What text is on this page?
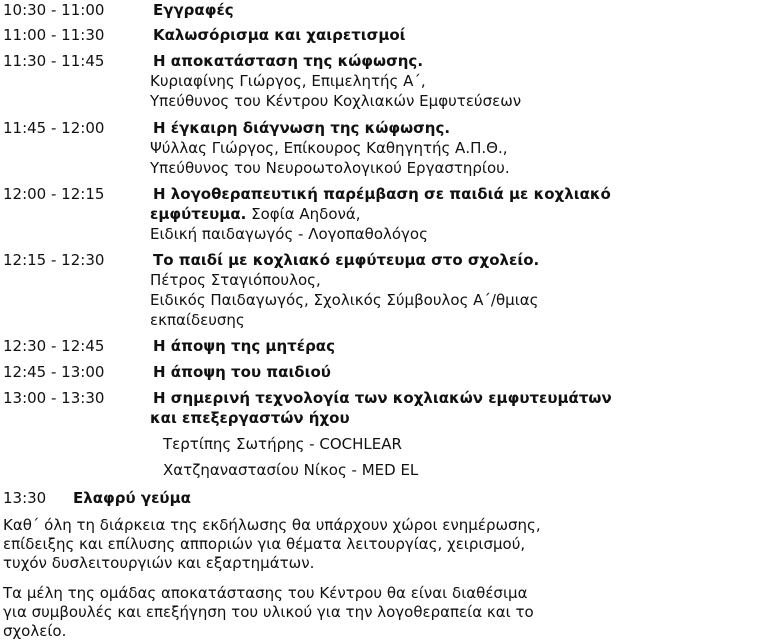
10:30 - 11:00	Εγγραφές
11:00 - 11:30	Καλωσόρισμα και χαιρετισμοί
11:30 - 11:45	Η αποκατάσταση της κώφωσης.
Κυριαφίνης Γιώργος, Επιμελητής Α΄,
Υπεύθυνος του Κέντρου Κοχλιακών Εμφυτεύσεων
11:45 - 12:00	Η έγκαιρη διάγνωση της κώφωσης.
Ψύλλας Γιώργος, Επίκουρος Καθηγητής Α.Π.Θ.,
Υπεύθυνος του Νευροωτολογικού Εργαστηρίου.
12:00 - 12:15	Η λογοθεραπευτική παρέμβαση σε παιδιά με κοχλιακό
εμφύτευμα. Σοφία Αηδονά,
Ειδική παιδαγωγός - Λογοπαθολόγος
12:15 - 12:30	Το παιδί με κοχλιακό εμφύτευμα στο σχολείο.
Πέτρος Σταγιόπουλος,
Ειδικός Παιδαγωγός, Σχολικός Σύμβουλος Α΄/θμιας
εκπαίδευσης
12:30 - 12:45	Η άποψη της μητέρας
12:45 - 13:00	Η άποψη του παιδιού
13:00 - 13:30	Η σημερινή τεχνολογία των κοχλιακών εμφυτευμάτων
και επεξεργαστών ήχου
Τερτίπης Σωτήρης - COCHLEAR
Χατζηαναστασίου Νίκος - MED EL
13:30 Ελαφρύ γεύμα
Καθ΄ όλη τη διάρκεια της εκδήλωσης θα υπάρχουν χώροι ενημέρωσης,
επίδειξης και επίλυσης απποριών για θέματα λειτουργίας, χειρισμού,
τυχόν δυσλειτουργιών και εξαρτημάτων.
Τα μέλη της ομάδας αποκατάστασης του Κέντρου θα είναι διαθέσιμα
για συμβουλές και επεξήγηση του υλικού για την λογοθεραπεία και το
σχολείο.
